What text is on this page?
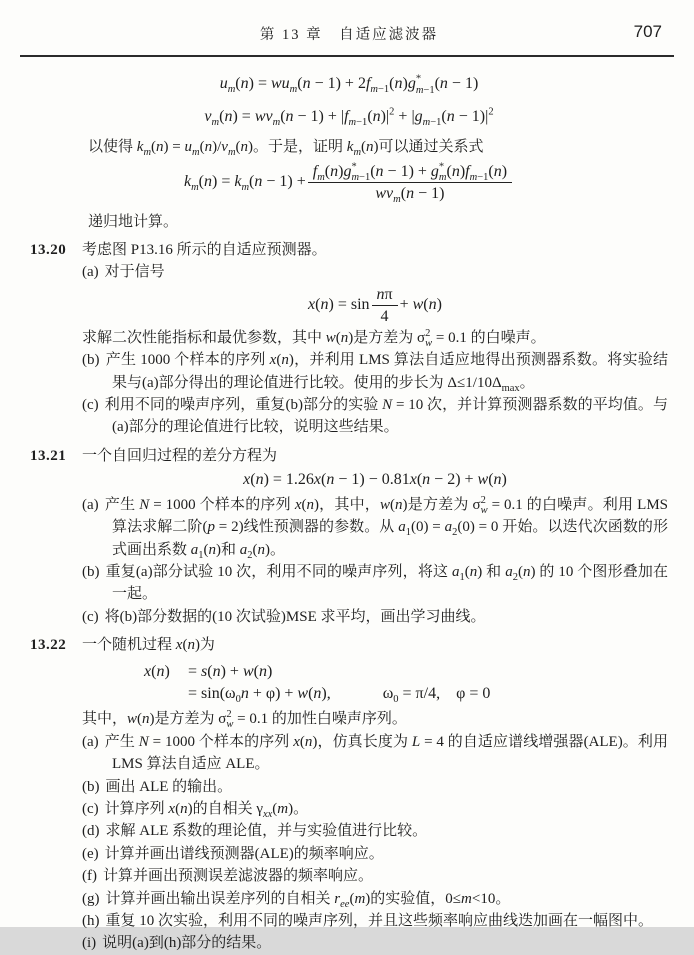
第 13 章　自适应滤波器	707
$u_m(n) = wu_m(n - 1) + 2f_{m-1}(n)g^*_{m-1}(n - 1)$
$v_m(n) = wv_m(n - 1) + |f_{m-1}(n)|^2 + |g_{m-1}(n - 1)|^2$

以使得 $k_m(n) = u_m(n)/v_m(n)$。于是，证明 $k_m(n)$可以通过关系式

$k_m(n) = k_m(n - 1) + \frac{f_m(n)g^*_{m-1}(n - 1) + g^*_m(n)f_{m-1}(n)}{wv_m(n - 1)}$

递归地计算。

13.20	考虑图 P13.16 所示的自适应预测器。
(a) 对于信号
$x(n) = \sin \frac{n\pi}{4} + w(n)$
求解二次性能指标和最优参数，其中 w(n)是方差为 $\sigma^2_w = 0.1$ 的白噪声。
(b) 产生 1000 个样本的序列 x(n)，并利用 LMS 算法自适应地得出预测器系数。将实验结果与(a)部分得出的理论值进行比较。使用的步长为 $\Delta\le 1/10\Delta_{max}$。
(c) 利用不同的噪声序列，重复(b)部分的实验 N = 10 次，并计算预测器系数的平均值。与(a)部分的理论值进行比较，说明这些结果。
13.21	一个自回归过程的差分方程为
x(n) = 1.26x(n − 1) − 0.81x(n − 2) + w(n)
(a) 产生 N = 1000 个样本的序列 x(n)，其中，w(n)是方差为 $\sigma^2_w = 0.1$ 的白噪声。利用 LMS 算法求解二阶(p = 2)线性预测器的参数。从 $a_1(0) = a_2(0) = 0$ 开始。以迭代次函数的形式画出系数 $a_1(n)$和 $a_2(n)$。
(b) 重复(a)部分试验 10 次，利用不同的噪声序列，将这 $a_1(n)$ 和 $a_2(n)$ 的 10 个图形叠加在一起。
(c) 将(b)部分数据的(10 次试验)MSE 求平均，画出学习曲线。
13.22	一个随机过程 x(n)为
x(n)	= s(n) + w(n)
= $\sin(\omega_0n + \varphi) + w(n)$,	$\omega_0 = \pi/4$,　φ = 0
其中，w(n)是方差为 $\sigma^2_w = 0.1$ 的加性白噪声序列。
(a) 产生 N = 1000 个样本的序列 x(n)，仿真长度为 L = 4 的自适应谱线增强器(ALE)。利用 LMS 算法自适应 ALE。
(b) 画出 ALE 的输出。
(c) 计算序列 x(n)的自相关 $\gamma_{xx}(m)$。
(d) 求解 ALE 系数的理论值，并与实验值进行比较。
(e) 计算并画出谱线预测器(ALE)的频率响应。
(f) 计算并画出预测误差滤波器的频率响应。
(g) 计算并画出输出误差序列的自相关 $r_{ee}(m)$的实验值，0≤m<10。
(h) 重复 10 次实验，利用不同的噪声序列，并且这些频率响应曲线迭加画在一幅图中。
(i) 说明(a)到(h)部分的结果。
